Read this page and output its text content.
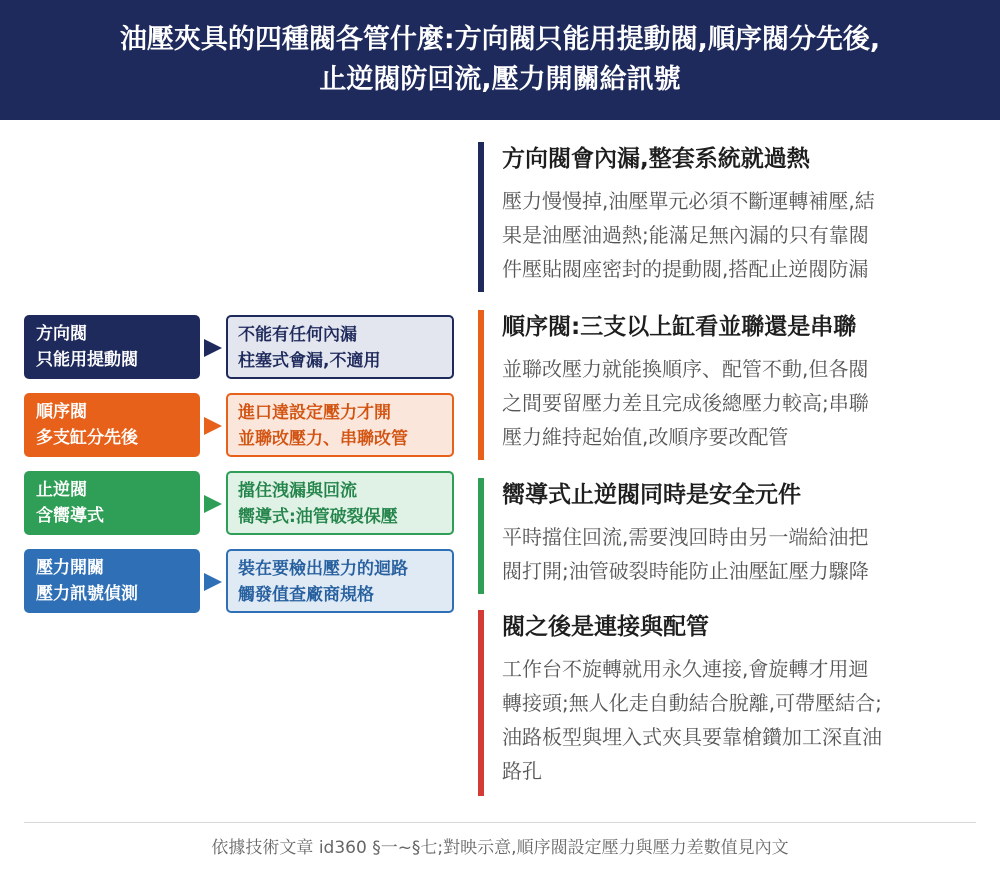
油壓夾具的四種閥各管什麼:方向閥只能用提動閥,順序閥分先後,
止逆閥防回流,壓力開關給訊號
方向閥
只能用提動閥
不能有任何內漏
柱塞式會漏,不適用
順序閥
多支缸分先後
進口達設定壓力才開
並聯改壓力、串聯改管
止逆閥
含嚮導式
擋住洩漏與回流
嚮導式:油管破裂保壓
壓力開關
壓力訊號偵測
裝在要檢出壓力的迴路
觸發值查廠商規格
方向閥會內漏,整套系統就過熱
壓力慢慢掉,油壓單元必須不斷運轉補壓,結
果是油壓油過熱;能滿足無內漏的只有靠閥
件壓貼閥座密封的提動閥,搭配止逆閥防漏
順序閥:三支以上缸看並聯還是串聯
並聯改壓力就能換順序、配管不動,但各閥
之間要留壓力差且完成後總壓力較高;串聯
壓力維持起始值,改順序要改配管
嚮導式止逆閥同時是安全元件
平時擋住回流,需要洩回時由另一端給油把
閥打開;油管破裂時能防止油壓缸壓力驟降
閥之後是連接與配管
工作台不旋轉就用永久連接,會旋轉才用迴
轉接頭;無人化走自動結合脫離,可帶壓結合;
油路板型與埋入式夾具要靠槍鑽加工深直油
路孔
依據技術文章 id360 §一~§七;對映示意,順序閥設定壓力與壓力差數值見內文
